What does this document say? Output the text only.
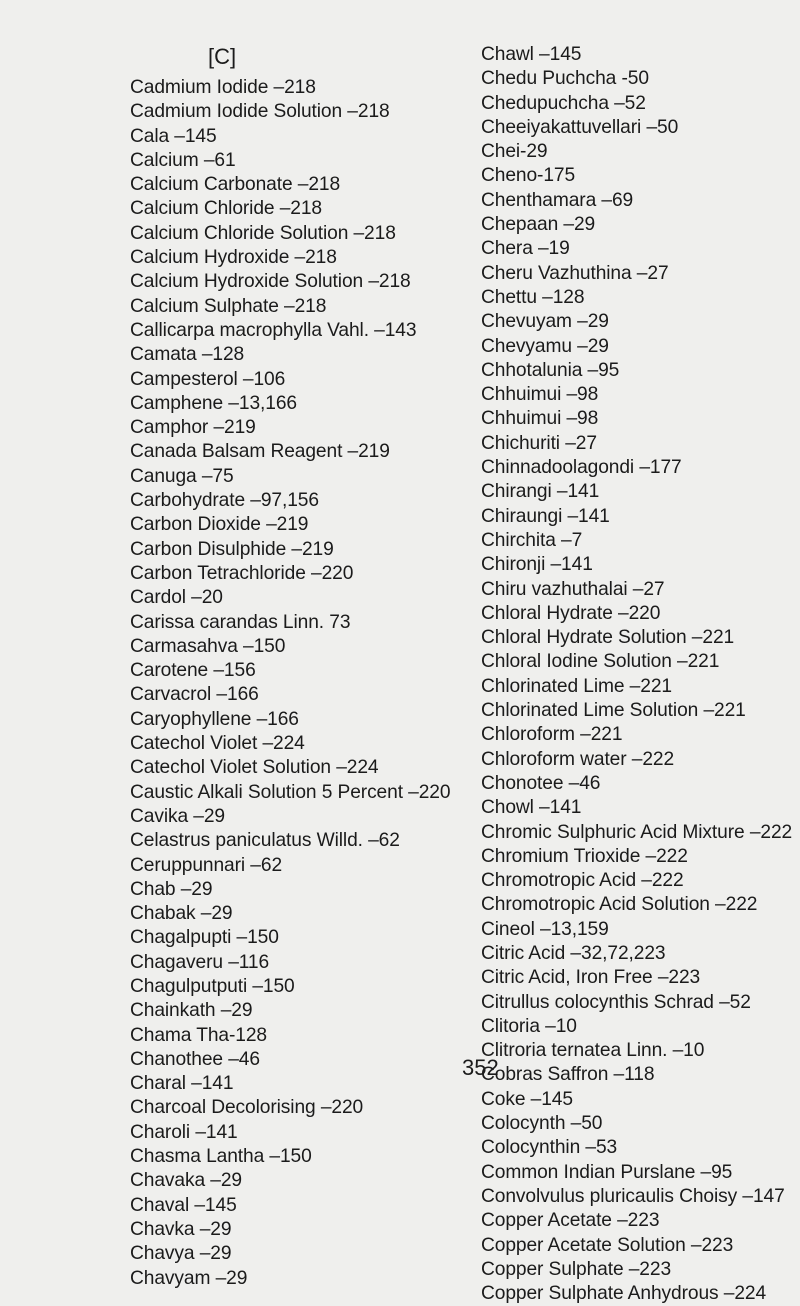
[C]
Cadmium Iodide –218
Cadmium Iodide Solution –218
Cala –145
Calcium –61
Calcium Carbonate –218
Calcium Chloride –218
Calcium Chloride Solution –218
Calcium Hydroxide –218
Calcium Hydroxide Solution –218
Calcium Sulphate –218
Callicarpa macrophylla Vahl. –143
Camata –128
Campesterol –106
Camphene –13,166
Camphor –219
Canada Balsam Reagent –219
Canuga –75
Carbohydrate –97,156
Carbon Dioxide –219
Carbon Disulphide –219
Carbon Tetrachloride –220
Cardol –20
Carissa carandas Linn. 73
Carmasahva –150
Carotene –156
Carvacrol –166
Caryophyllene –166
Catechol Violet –224
Catechol Violet Solution –224
Caustic Alkali Solution 5 Percent –220
Cavika –29
Celastrus paniculatus Willd. –62
Ceruppunnari –62
Chab –29
Chabak –29
Chagalpupti –150
Chagaveru –116
Chagulputputi –150
Chainkath –29
Chama Tha-128
Chanothee –46
Charal –141
Charcoal Decolorising –220
Charoli –141
Chasma Lantha –150
Chavaka –29
Chaval –145
Chavka –29
Chavya –29
Chavyam –29
Chawl –145
Chedu Puchcha -50
Chedupuchcha –52
Cheeiyakattuvellari –50
Chei-29
Cheno-175
Chenthamara –69
Chepaan –29
Chera –19
Cheru Vazhuthina –27
Chettu –128
Chevuyam –29
Chevyamu –29
Chhotalunia –95
Chhuimui –98
Chhuimui –98
Chichuriti –27
Chinnadoolagondi –177
Chirangi –141
Chiraungi –141
Chirchita –7
Chironji –141
Chiru vazhuthalai –27
Chloral Hydrate –220
Chloral Hydrate Solution –221
Chloral Iodine Solution –221
Chlorinated Lime –221
Chlorinated Lime Solution –221
Chloroform –221
Chloroform water –222
Chonotee –46
Chowl –141
Chromic Sulphuric Acid Mixture –222
Chromium Trioxide –222
Chromotropic Acid –222
Chromotropic Acid Solution –222
Cineol –13,159
Citric Acid –32,72,223
Citric Acid, Iron Free –223
Citrullus colocynthis Schrad –52
Clitoria –10
Clitroria ternatea Linn. –10
Cobras Saffron –118
Coke –145
Colocynth –50
Colocynthin –53
Common Indian Purslane –95
Convolvulus pluricaulis Choisy –147
Copper Acetate –223
Copper Acetate Solution –223
Copper Sulphate –223
Copper Sulphate Anhydrous –224
352
